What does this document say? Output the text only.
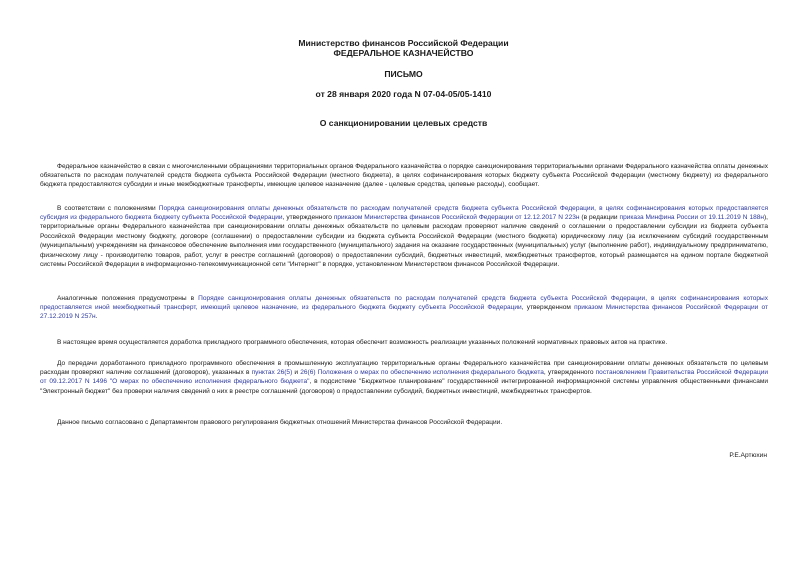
Министерство финансов Российской Федерации
ФЕДЕРАЛЬНОЕ КАЗНАЧЕЙСТВО
ПИСЬМО
от 28 января 2020 года N 07-04-05/05-1410
О санкционировании целевых средств

Федеральное казначейство в связи с многочисленными обращениями территориальных органов Федерального казначейства о порядке санкционирования территориальными органами Федерального казначейства оплаты денежных обязательств по расходам получателей средств бюджета субъекта Российской Федерации (местного бюджета), в целях софинансирования которых бюджету субъекта Российской Федерации (местному бюджету) из федерального бюджета предоставляются субсидии и иные межбюджетные трансферты, имеющие целевое назначение (далее - целевые средства, целевые расходы), сообщает.

В соответствии с положениями Порядка санкционирования оплаты денежных обязательств по расходам получателей средств бюджета субъекта Российской Федерации, в целях софинансирования которых предоставляется субсидия из федерального бюджета бюджету субъекта Российской Федерации, утвержденного приказом Министерства финансов Российской Федерации от 12.12.2017 N 223н (в редакции приказа Минфина России от 19.11.2019 N 188н), территориальные органы Федерального казначейства при санкционировании оплаты денежных обязательств по целевым расходам проверяют наличие сведений о соглашении о предоставлении субсидии из бюджета субъекта Российской Федерации местному бюджету, договоре (соглашении) о предоставлении субсидии из бюджета субъекта Российской Федерации (местного бюджета) юридическому лицу (за исключением субсидий государственным (муниципальным) учреждениям на финансовое обеспечение выполнения ими государственного (муниципального) задания на оказание государственных (муниципальных) услуг (выполнение работ), индивидуальному предпринимателю, физическому лицу - производителю товаров, работ, услуг в реестре соглашений (договоров) о предоставлении субсидий, бюджетных инвестиций, межбюджетных трансфертов, который размещается на едином портале бюджетной системы Российской Федерации в информационно-телекоммуникационной сети "Интернет" в порядке, установленном Министерством финансов Российской Федерации.

Аналогичные положения предусмотрены в Порядке санкционирования оплаты денежных обязательств по расходам получателей средств бюджета субъекта Российской Федерации, в целях софинансирования которых предоставляется иной межбюджетный трансферт, имеющий целевое назначение, из федерального бюджета бюджету субъекта Российской Федерации, утвержденном приказом Министерства финансов Российской Федерации от 27.12.2019 N 257н.

В настоящее время осуществляется доработка прикладного программного обеспечения, которая обеспечит возможность реализации указанных положений нормативных правовых актов на практике.

До передачи доработанного прикладного программного обеспечения в промышленную эксплуатацию территориальные органы Федерального казначейства при санкционировании оплаты денежных обязательств по целевым расходам проверяют наличие соглашений (договоров), указанных в пунктах 26(5) и 26(6) Положения о мерах по обеспечению исполнения федерального бюджета, утвержденного постановлением Правительства Российской Федерации от 09.12.2017 N 1496 "О мерах по обеспечению исполнения федерального бюджета", в подсистеме "Бюджетное планирование" государственной интегрированной информационной системы управления общественными финансами "Электронный бюджет" без проверки наличия сведений о них в реестре соглашений (договоров) о предоставлении субсидий, бюджетных инвестиций, межбюджетных трансфертов.

Данное письмо согласовано с Департаментом правового регулирования бюджетных отношений Министерства финансов Российской Федерации.

Р.Е.Артюхин
